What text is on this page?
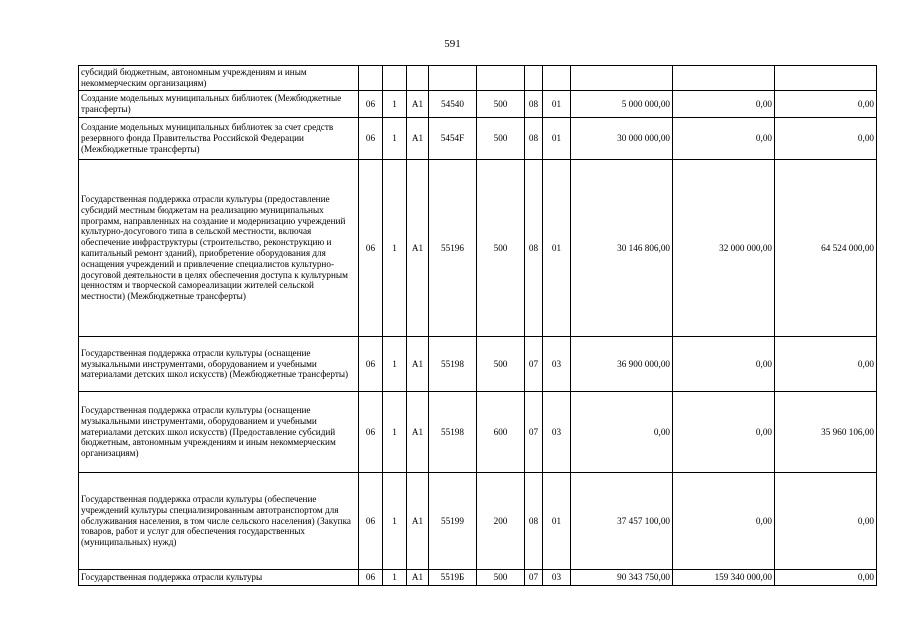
591
субсидий бюджетным, автономным учреждениям и иным некоммерческим организациям)										
Создание модельных муниципальных библиотек (Межбюджетные трансферты)	06	1	A1	54540	500	08	01	5 000 000,00	0,00	0,00
Создание модельных муниципальных библиотек за счет средств резервного фонда Правительства Российской Федерации (Межбюджетные трансферты)	06	1	A1	5454F	500	08	01	30 000 000,00	0,00	0,00
Государственная поддержка отрасли культуры (предоставление субсидий местным бюджетам на реализацию муниципальных программ, направленных на создание и модернизацию учреждений культурно-досугового типа в сельской местности, включая обеспечение инфраструктуры (строительство, реконструкцию и капитальный ремонт зданий), приобретение оборудования для оснащения учреждений и привлечение специалистов культурно-досуговой деятельности в целях обеспечения доступа к культурным ценностям и творческой самореализации жителей сельской местности) (Межбюджетные трансферты)	06	1	A1	55196	500	08	01	30 146 806,00	32 000 000,00	64 524 000,00
Государственная поддержка отрасли культуры (оснащение музыкальными инструментами, оборудованием и учебными материалами детских школ искусств) (Межбюджетные трансферты)	06	1	A1	55198	500	07	03	36 900 000,00	0,00	0,00
Государственная поддержка отрасли культуры (оснащение музыкальными инструментами, оборудованием и учебными материалами детских школ искусств) (Предоставление субсидий бюджетным, автономным учреждениям и иным некоммерческим организациям)	06	1	A1	55198	600	07	03	0,00	0,00	35 960 106,00
Государственная поддержка отрасли культуры (обеспечение учреждений культуры специализированным автотранспортом для обслуживания населения, в том числе сельского населения) (Закупка товаров, работ и услуг для обеспечения государственных (муниципальных) нужд)	06	1	A1	55199	200	08	01	37 457 100,00	0,00	0,00
Государственная поддержка отрасли культуры	06	1	A1	5519Б	500	07	03	90 343 750,00	159 340 000,00	0,00
